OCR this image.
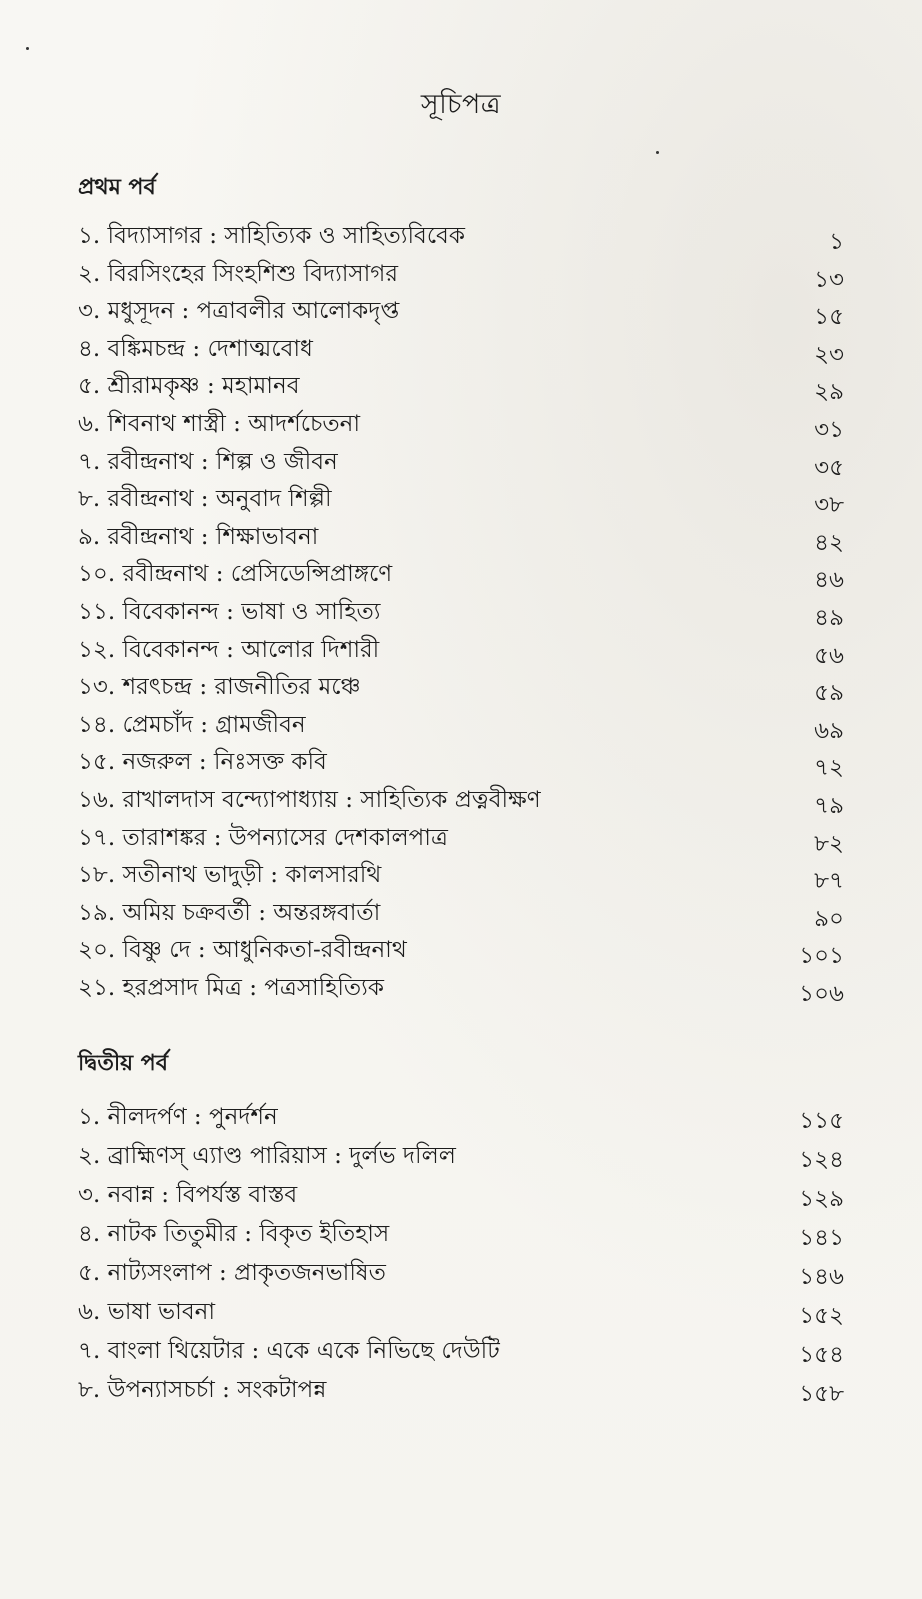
সূচিপত্র
প্রথম পর্ব
১. বিদ্যাসাগর : সাহিত্যিক ও সাহিত্যবিবেক	১
২. বিরসিংহের সিংহশিশু বিদ্যাসাগর	১৩
৩. মধুসূদন : পত্রাবলীর আলোকদৃপ্ত	১৫
৪. বঙ্কিমচন্দ্র : দেশাত্মবোধ	২৩
৫. শ্রীরামকৃষ্ণ : মহামানব	২৯
৬. শিবনাথ শাস্ত্রী : আদর্শচেতনা	৩১
৭. রবীন্দ্রনাথ : শিল্প ও জীবন	৩৫
৮. রবীন্দ্রনাথ : অনুবাদ শিল্পী	৩৮
৯. রবীন্দ্রনাথ : শিক্ষাভাবনা	৪২
১০. রবীন্দ্রনাথ : প্রেসিডেন্সিপ্রাঙ্গণে	৪৬
১১. বিবেকানন্দ : ভাষা ও সাহিত্য	৪৯
১২. বিবেকানন্দ : আলোর দিশারী	৫৬
১৩. শরৎচন্দ্র : রাজনীতির মঞ্চে	৫৯
১৪. প্রেমচাঁদ : গ্রামজীবন	৬৯
১৫. নজরুল : নিঃসক্ত কবি	৭২
১৬. রাখালদাস বন্দ্যোপাধ্যায় : সাহিত্যিক প্রত্নবীক্ষণ	৭৯
১৭. তারাশঙ্কর : উপন্যাসের দেশকালপাত্র	৮২
১৮. সতীনাথ ভাদুড়ী : কালসারথি	৮৭
১৯. অমিয় চক্রবর্তী : অন্তরঙ্গবার্তা	৯০
২০. বিষ্ণু দে : আধুনিকতা-রবীন্দ্রনাথ	১০১
২১. হরপ্রসাদ মিত্র : পত্রসাহিত্যিক	১০৬
দ্বিতীয় পর্ব
১. নীলদর্পণ : পুনর্দর্শন	১১৫
২. ব্রাহ্মিণস্ এ্যাণ্ড পারিয়াস : দুর্লভ দলিল	১২৪
৩. নবান্ন : বিপর্যস্ত বাস্তব	১২৯
৪. নাটক তিতুমীর : বিকৃত ইতিহাস	১৪১
৫. নাট্যসংলাপ : প্রাকৃতজনভাষিত	১৪৬
৬. ভাষা ভাবনা	১৫২
৭. বাংলা থিয়েটার : একে একে নিভিছে দেউটি	১৫৪
৮. উপন্যাসচর্চা : সংকটাপন্ন	১৫৮
